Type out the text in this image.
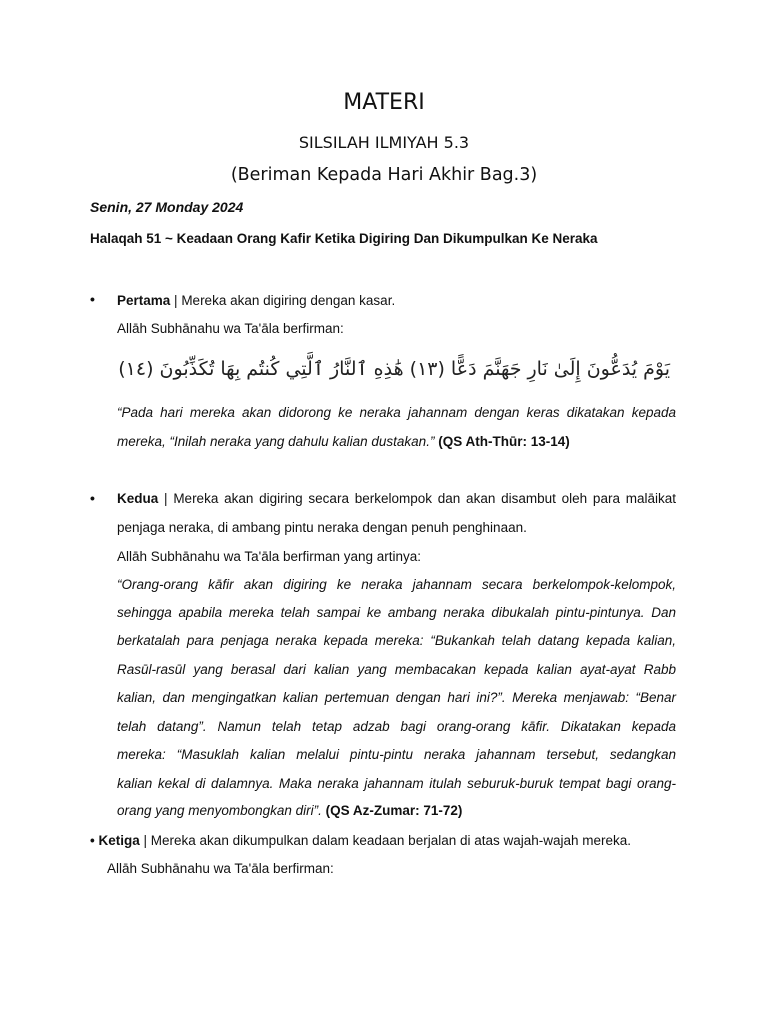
MATERI
SILSILAH ILMIYAH 5.3
(Beriman Kepada Hari Akhir Bag.3)
Senin, 27 Monday 2024
Halaqah 51 ~ Keadaan Orang Kafir Ketika Digiring Dan Dikumpulkan Ke Neraka
• Pertama | Mereka akan digiring dengan kasar.
Allāh Subhānahu wa Ta'āla berfirman:
يَوْمَ يُدَعُّونَ إِلَىٰ نَارِ جَهَنَّمَ دَعًّا (١٣) هَٰذِهِ ٱلنَّارُ ٱلَّتِي كُنتُم بِهَا تُكَذِّبُونَ (١٤)
“Pada hari mereka akan didorong ke neraka jahannam dengan keras dikatakan kepada
mereka, “Inilah neraka yang dahulu kalian dustakan.” (QS Ath-Thūr: 13-14)
• Kedua | Mereka akan digiring secara berkelompok dan akan disambut oleh para malāikat
penjaga neraka, di ambang pintu neraka dengan penuh penghinaan.
Allāh Subhānahu wa Ta'āla berfirman yang artinya:
“Orang-orang kāfir akan digiring ke neraka jahannam secara berkelompok-kelompok,
sehingga apabila mereka telah sampai ke ambang neraka dibukalah pintu-pintunya. Dan
berkatalah para penjaga neraka kepada mereka: “Bukankah telah datang kepada kalian,
Rasūl-rasūl yang berasal dari kalian yang membacakan kepada kalian ayat-ayat Rabb
kalian, dan mengingatkan kalian pertemuan dengan hari ini?”. Mereka menjawab: “Benar
telah datang”. Namun telah tetap adzab bagi orang-orang kāfir. Dikatakan kepada
mereka: “Masuklah kalian melalui pintu-pintu neraka jahannam tersebut, sedangkan
kalian kekal di dalamnya. Maka neraka jahannam itulah seburuk-buruk tempat bagi orang-
orang yang menyombongkan diri”. (QS Az-Zumar: 71-72)
• Ketiga | Mereka akan dikumpulkan dalam keadaan berjalan di atas wajah-wajah mereka.
Allāh Subhānahu wa Ta'āla berfirman:
